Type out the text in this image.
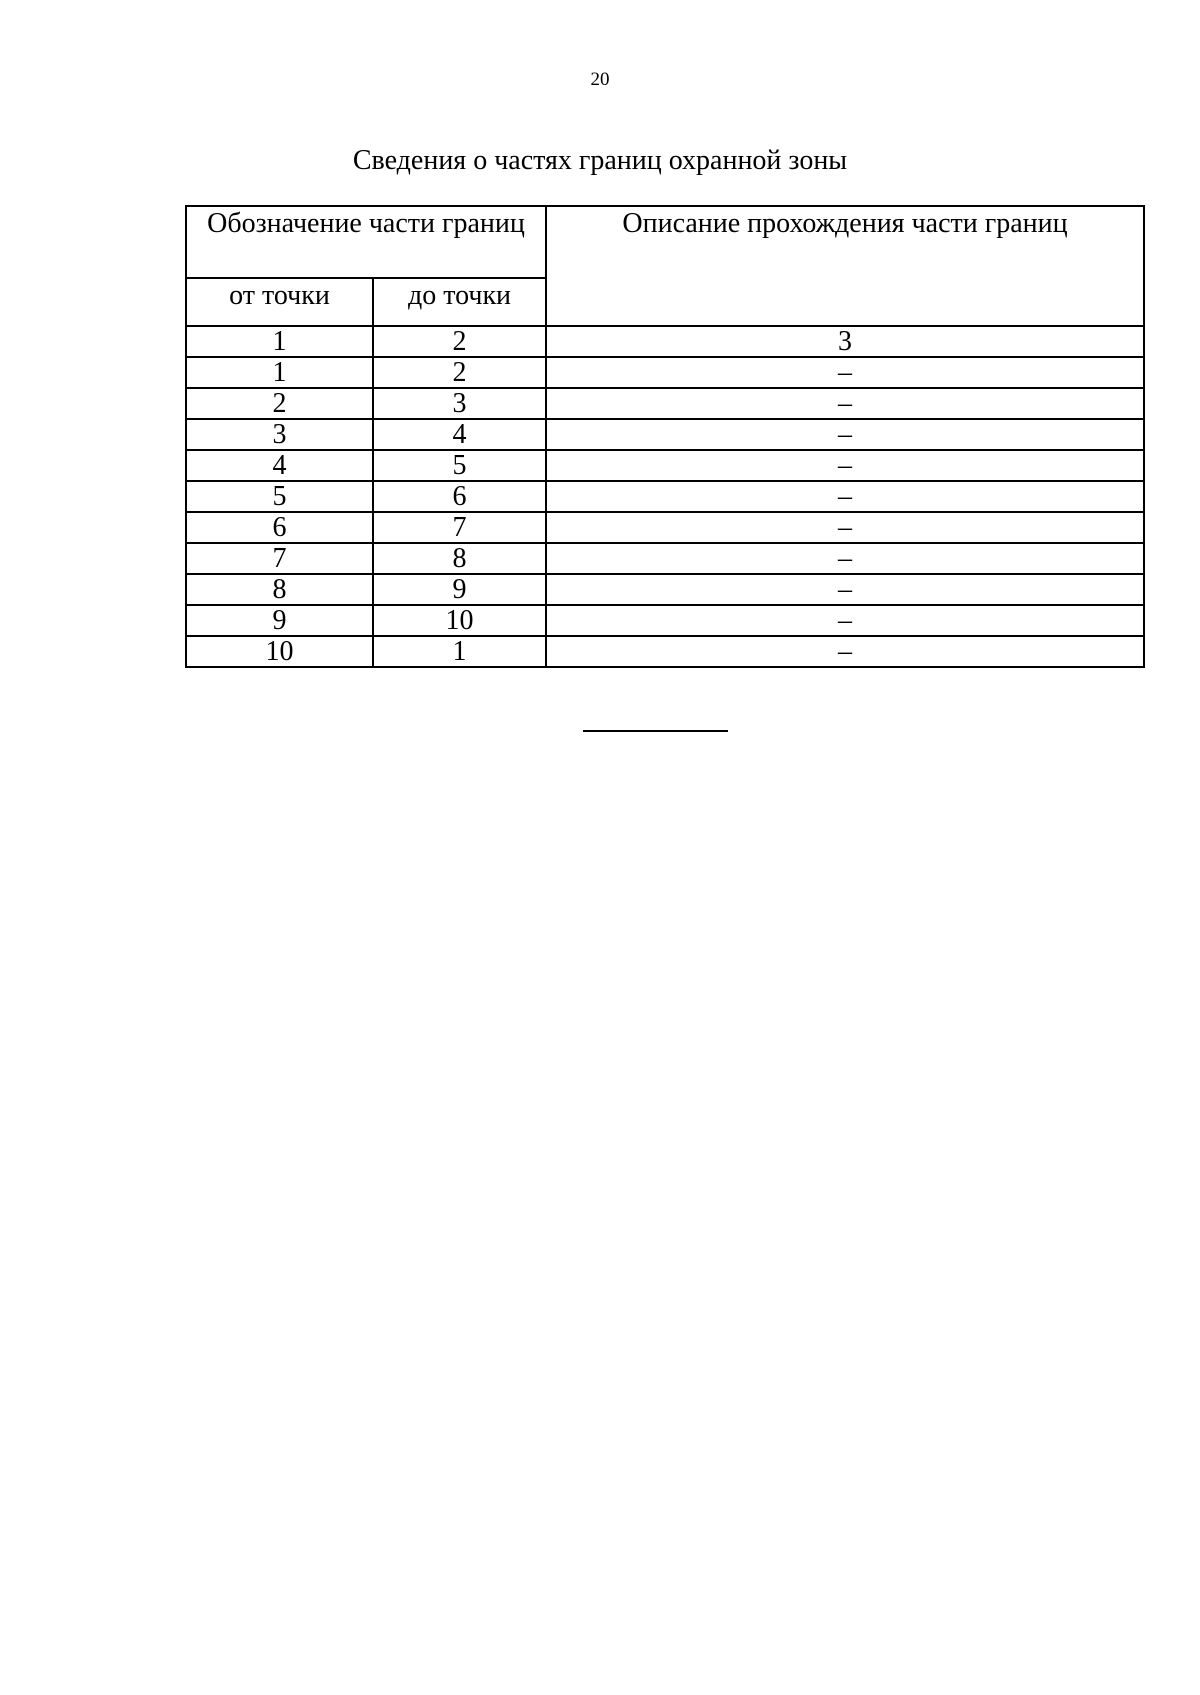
20
Сведения о частях границ охранной зоны
Обозначение части границ		Описание прохождения части границ
от точки	до точки	
1	2	3
1	2	–
2	3	–
3	4	–
4	5	–
5	6	–
6	7	–
7	8	–
8	9	–
9	10	–
10	1	–
